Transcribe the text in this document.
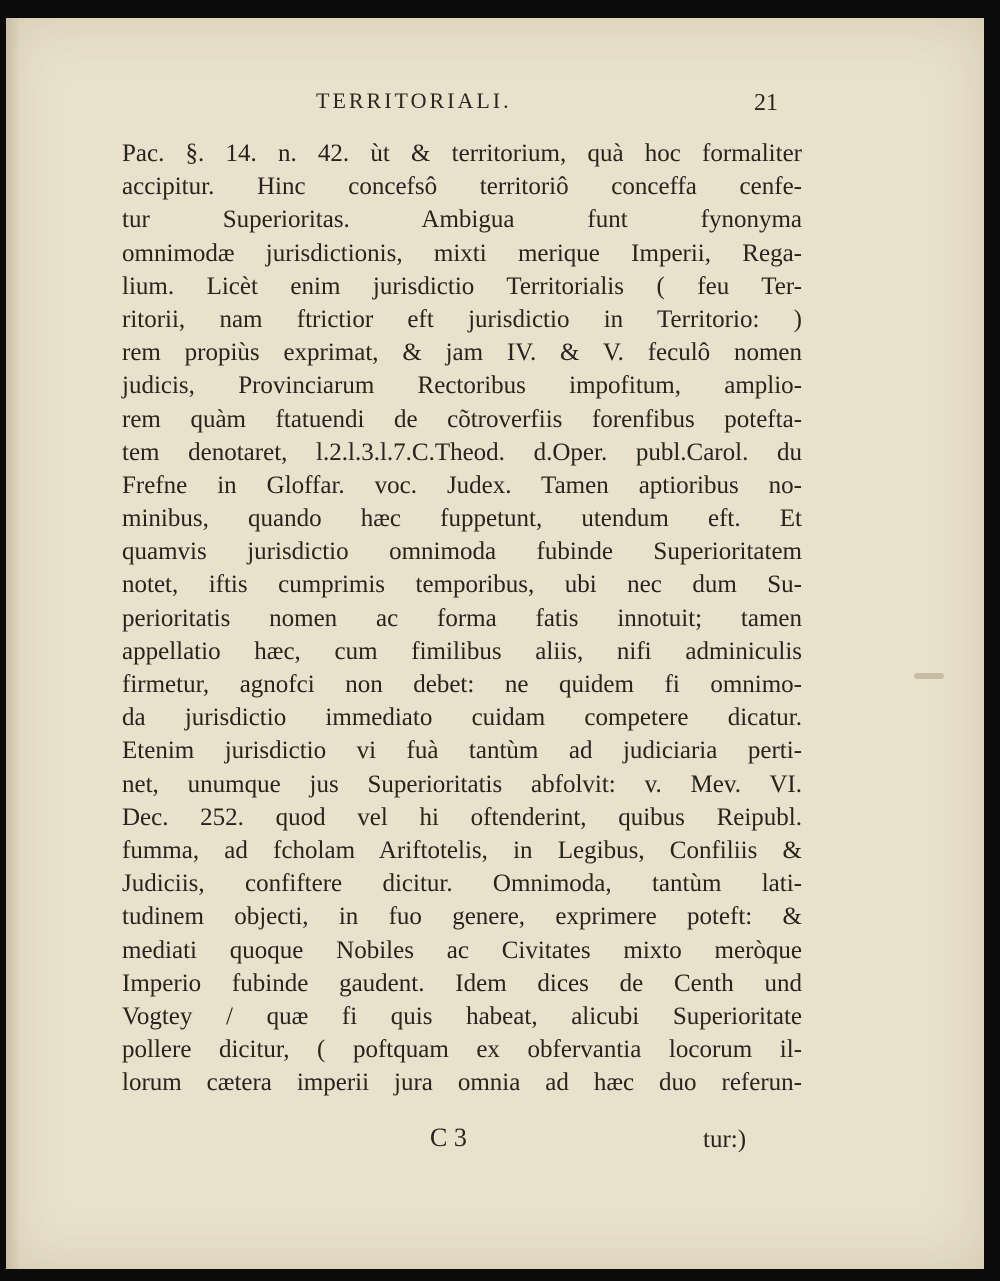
TERRITORIALI.	21
Pac. §. 14. n. 42. ùt & territorium, quà hoc formaliter
accipitur. Hinc concefsô territoriô conceffa cenfe-
tur Superioritas. Ambigua funt fynonyma
omnimodæ jurisdictionis, mixti merique Imperii, Rega-
lium. Licèt enim jurisdictio Territorialis ( feu Ter-
ritorii, nam ftrictior eft jurisdictio in Territorio: )
rem propiùs exprimat, & jam IV. & V. feculô nomen
judicis, Provinciarum Rectoribus impofitum, amplio-
rem quàm ftatuendi de cõtroverfiis forenfibus potefta-
tem denotaret, l.2.l.3.l.7.C.Theod. d.Oper. publ.Carol. du
Frefne in Gloffar. voc. Judex. Tamen aptioribus no-
minibus, quando hæc fuppetunt, utendum eft. Et
quamvis jurisdictio omnimoda fubinde Superioritatem
notet, iftis cumprimis temporibus, ubi nec dum Su-
perioritatis nomen ac forma fatis innotuit; tamen
appellatio hæc, cum fimilibus aliis, nifi adminiculis
firmetur, agnofci non debet: ne quidem fi omnimo-
da jurisdictio immediato cuidam competere dicatur.
Etenim jurisdictio vi fuà tantùm ad judiciaria perti-
net, unumque jus Superioritatis abfolvit: v. Mev. VI.
Dec. 252. quod vel hi oftenderint, quibus Reipubl.
fumma, ad fcholam Ariftotelis, in Legibus, Confiliis &
Judiciis, confiftere dicitur. Omnimoda, tantùm lati-
tudinem objecti, in fuo genere, exprimere poteft: &
mediati quoque Nobiles ac Civitates mixto meròque
Imperio fubinde gaudent. Idem dices de Centh und
Vogtey / quæ fi quis habeat, alicubi Superioritate
pollere dicitur, ( poftquam ex obfervantia locorum il-
lorum cætera imperii jura omnia ad hæc duo referun-
C 3	tur:)
